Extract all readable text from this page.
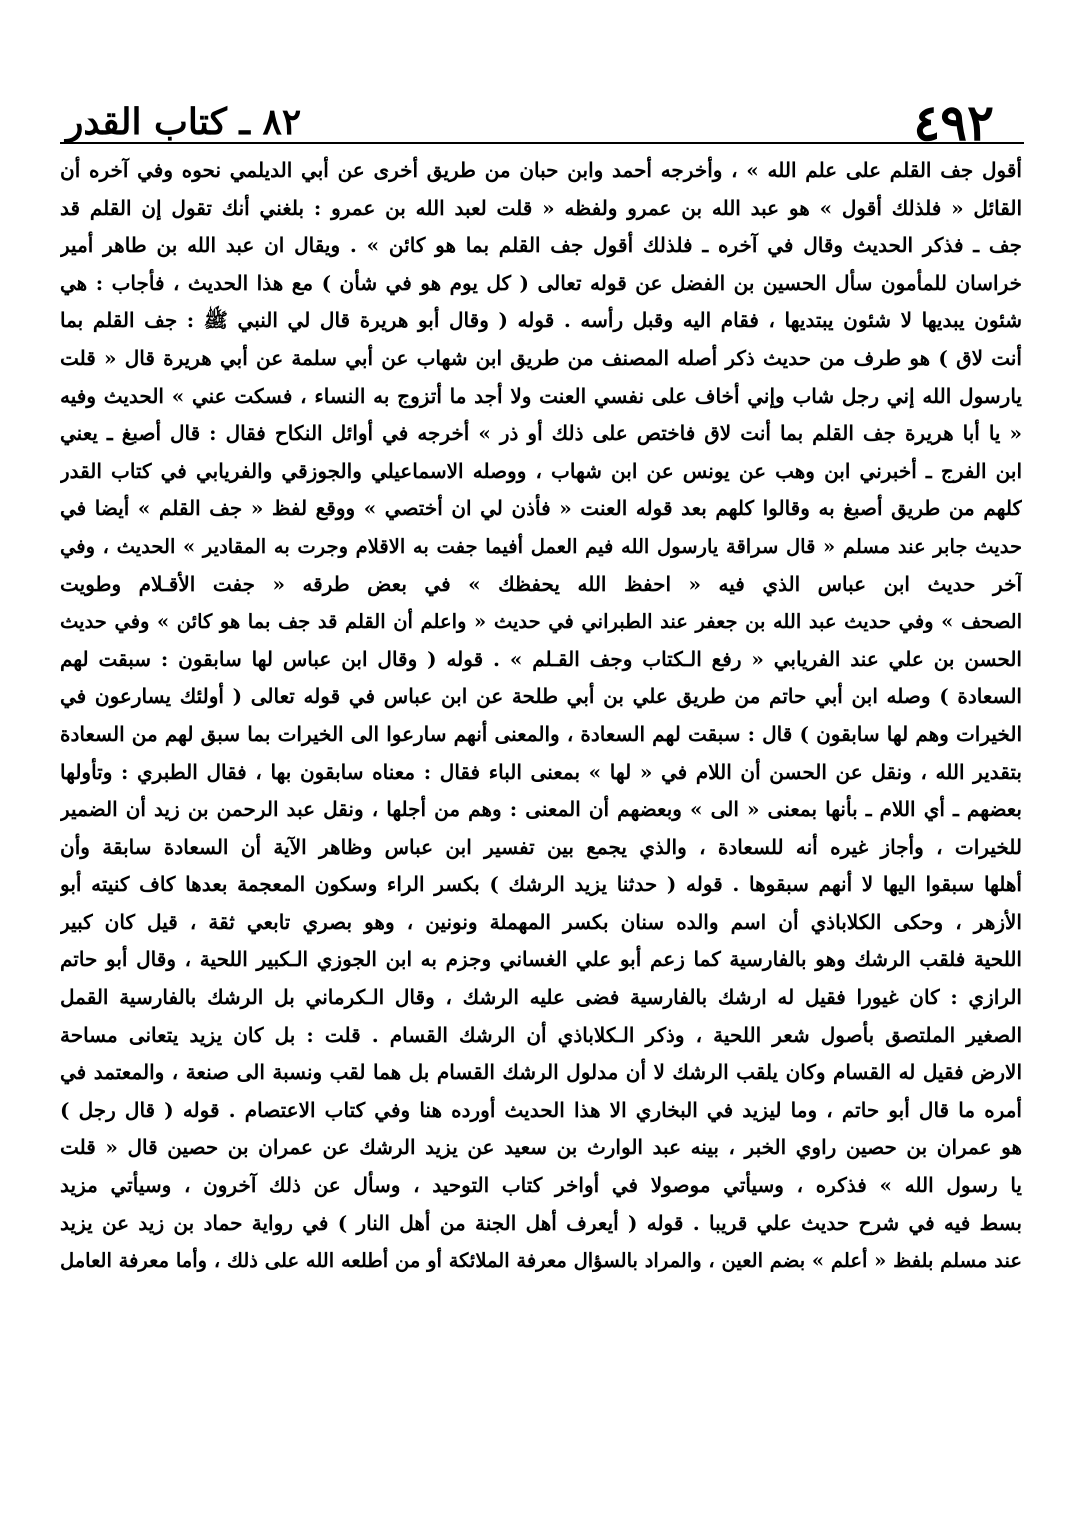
٤٩٢
٨٢ ـ كتاب القدر
أقول جف القلم على علم الله » ، وأخرجه أحمد وابن حبان من طريق أخرى عن أبي الديلمي نحوه وفي آخره أن
القائل « فلذلك أقول » هو عبد الله بن عمرو ولفظه « قلت لعبد الله بن عمرو : بلغني أنك تقول إن القلم قد
جف ـ فذكر الحديث وقال في آخره ـ فلذلك أقول جف القلم بما هو كائن » . ويقال ان عبد الله بن طاهر أمير
خراسان للمأمون سأل الحسين بن الفضل عن قوله تعالى ( كل يوم هو في شأن ) مع هذا الحديث ، فأجاب : هي
شئون يبديها لا شئون يبتديها ، فقام اليه وقبل رأسه . قوله ( وقال أبو هريرة قال لي النبي ﷺ : جف القلم بما
أنت لاق ) هو طرف من حديث ذكر أصله المصنف من طريق ابن شهاب عن أبي سلمة عن أبي هريرة قال « قلت
يارسول الله إني رجل شاب وإني أخاف على نفسي العنت ولا أجد ما أتزوج به النساء ، فسكت عني » الحديث وفيه
« يا أبا هريرة جف القلم بما أنت لاق فاختص على ذلك أو ذر » أخرجه في أوائل النكاح فقال : قال أصبغ ـ يعني
ابن الفرج ـ أخبرني ابن وهب عن يونس عن ابن شهاب ، ووصله الاسماعيلي والجوزقي والفريابي في كتاب القدر
كلهم من طريق أصبغ به وقالوا كلهم بعد قوله العنت « فأذن لي ان أختصي » ووقع لفظ « جف القلم » أيضا في
حديث جابر عند مسلم « قال سراقة يارسول الله فيم العمل أفيما جفت به الاقلام وجرت به المقادير » الحديث ، وفي
آخر حديث ابن عباس الذي فيه « احفظ الله يحفظك » في بعض طرقه « جفت الأقـلام وطويت
الصحف » وفي حديث عبد الله بن جعفر عند الطبراني في حديث « واعلم أن القلم قد جف بما هو كائن » وفي حديث
الحسن بن علي عند الفريابي « رفع الـكتاب وجف القـلم » . قوله ( وقال ابن عباس لها سابقون : سبقت لهم
السعادة ) وصله ابن أبي حاتم من طريق علي بن أبي طلحة عن ابن عباس في قوله تعالى ( أولئك يسارعون في
الخيرات وهم لها سابقون ) قال : سبقت لهم السعادة ، والمعنى أنهم سارعوا الى الخيرات بما سبق لهم من السعادة
بتقدير الله ، ونقل عن الحسن أن اللام في « لها » بمعنى الباء فقال : معناه سابقون بها ، فقال الطبري : وتأولها
بعضهم ـ أي اللام ـ بأنها بمعنى « الى » وبعضهم أن المعنى : وهم من أجلها ، ونقل عبد الرحمن بن زيد أن الضمير
للخيرات ، وأجاز غيره أنه للسعادة ، والذي يجمع بين تفسير ابن عباس وظاهر الآية أن السعادة سابقة وأن
أهلها سبقوا اليها لا أنهم سبقوها . قوله ( حدثنا يزيد الرشك ) بكسر الراء وسكون المعجمة بعدها كاف كنيته أبو
الأزهر ، وحكى الكلاباذي أن اسم والده سنان بكسر المهملة ونونين ، وهو بصري تابعي ثقة ، قيل كان كبير
اللحية فلقب الرشك وهو بالفارسية كما زعم أبو علي الغساني وجزم به ابن الجوزي الـكبير اللحية ، وقال أبو حاتم
الرازي : كان غيورا فقيل له ارشك بالفارسية فضى عليه الرشك ، وقال الـكرماني بل الرشك بالفارسية القمل
الصغير الملتصق بأصول شعر اللحية ، وذكر الـكلاباذي أن الرشك القسام . قلت : بل كان يزيد يتعانى مساحة
الارض فقيل له القسام وكان يلقب الرشك لا أن مدلول الرشك القسام بل هما لقب ونسبة الى صنعة ، والمعتمد في
أمره ما قال أبو حاتم ، وما ليزيد في البخاري الا هذا الحديث أورده هنا وفي كتاب الاعتصام . قوله ( قال رجل )
هو عمران بن حصين راوي الخبر ، بينه عبد الوارث بن سعيد عن يزيد الرشك عن عمران بن حصين قال « قلت
يا رسول الله » فذكره ، وسيأتي موصولا في أواخر كتاب التوحيد ، وسأل عن ذلك آخرون ، وسيأتي مزيد
بسط فيه في شرح حديث علي قريبا . قوله ( أيعرف أهل الجنة من أهل النار ) في رواية حماد بن زيد عن يزيد
عند مسلم بلفظ « أعلم » بضم العين ، والمراد بالسؤال معرفة الملائكة أو من أطلعه الله على ذلك ، وأما معرفة العامل
